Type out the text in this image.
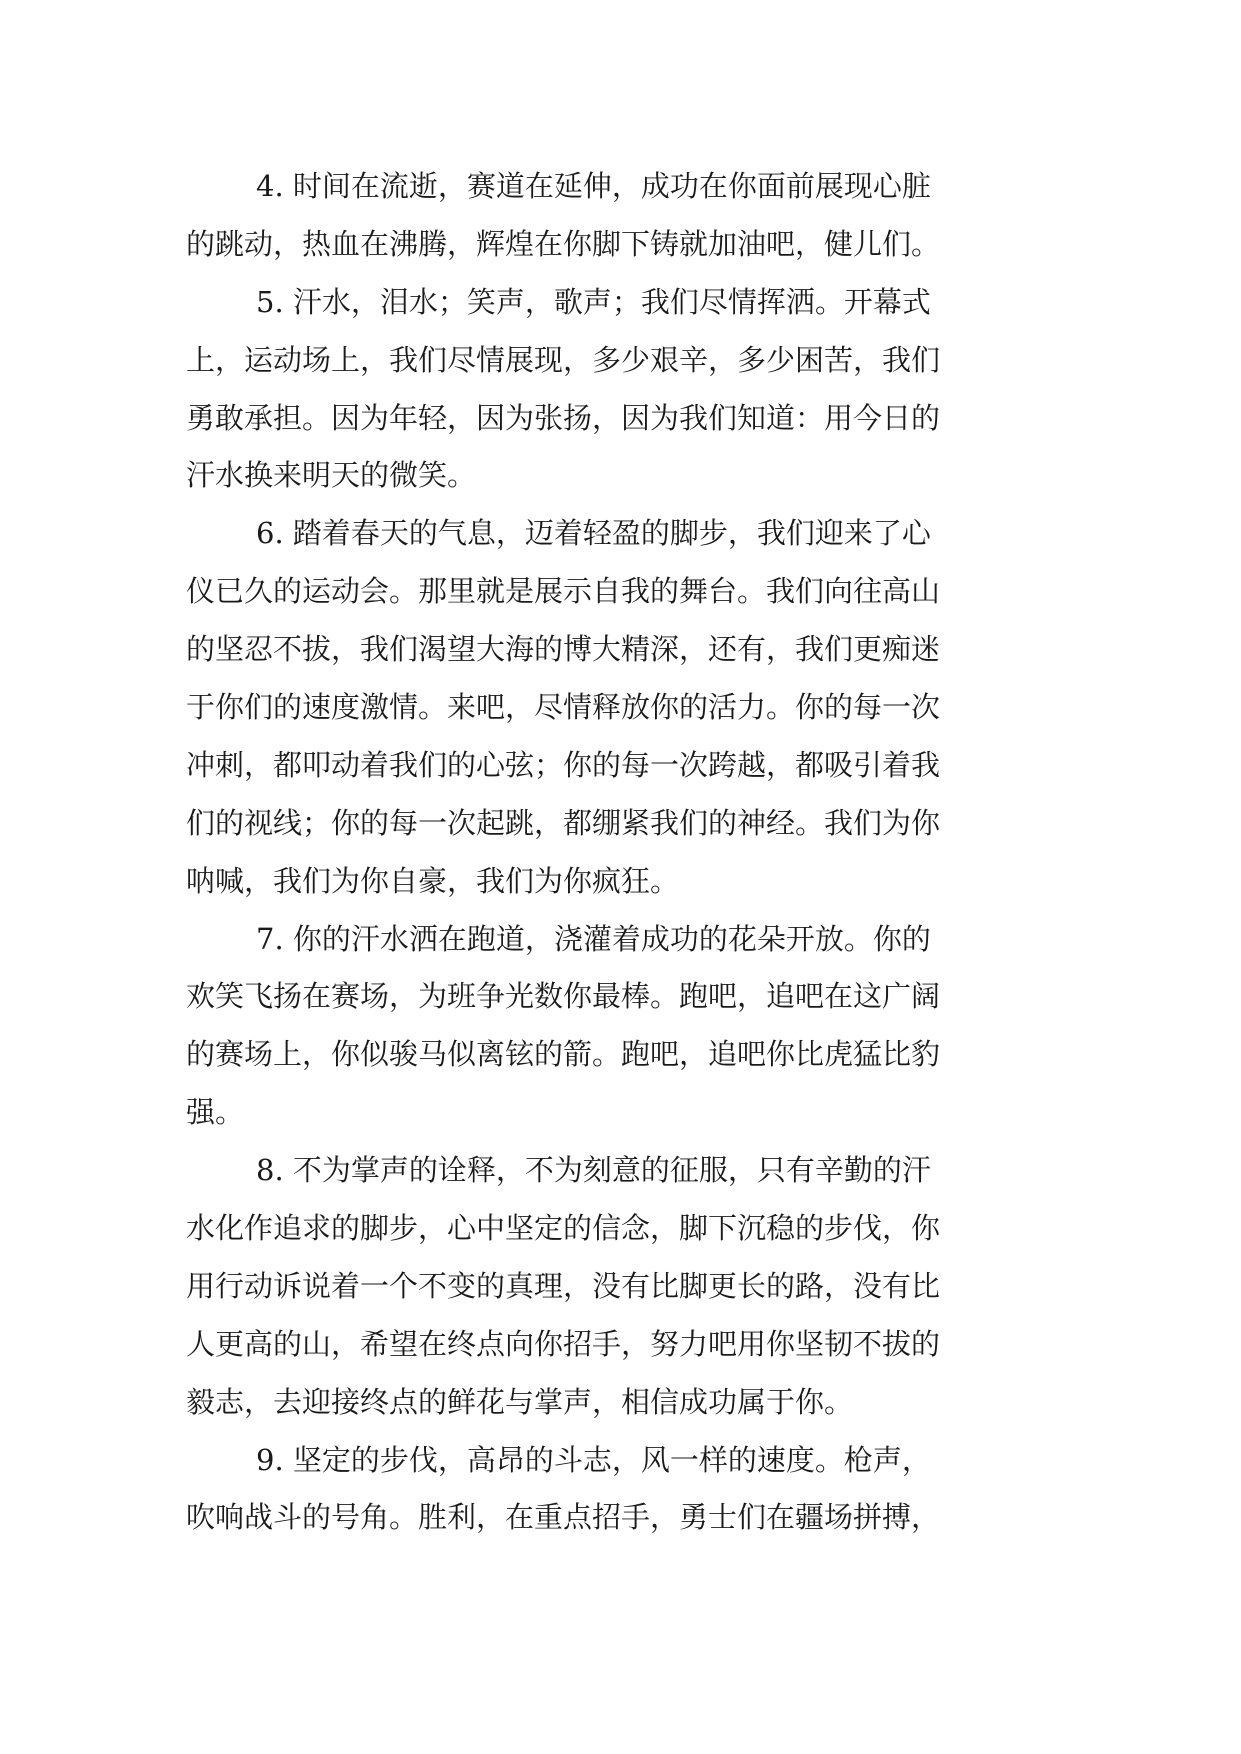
4. 时间在流逝，赛道在延伸，成功在你面前展现心脏
的跳动，热血在沸腾，辉煌在你脚下铸就加油吧，健儿们。
5. 汗水，泪水；笑声，歌声；我们尽情挥洒。开幕式
上，运动场上，我们尽情展现，多少艰辛，多少困苦，我们
勇敢承担。因为年轻，因为张扬，因为我们知道：用今日的
汗水换来明天的微笑。
6. 踏着春天的气息，迈着轻盈的脚步，我们迎来了心
仪已久的运动会。那里就是展示自我的舞台。我们向往高山
的坚忍不拔，我们渴望大海的博大精深，还有，我们更痴迷
于你们的速度激情。来吧，尽情释放你的活力。你的每一次
冲刺，都叩动着我们的心弦；你的每一次跨越，都吸引着我
们的视线；你的每一次起跳，都绷紧我们的神经。我们为你
呐喊，我们为你自豪，我们为你疯狂。
7. 你的汗水洒在跑道，浇灌着成功的花朵开放。你的
欢笑飞扬在赛场，为班争光数你最棒。跑吧，追吧在这广阔
的赛场上，你似骏马似离铉的箭。跑吧，追吧你比虎猛比豹
强。
8. 不为掌声的诠释，不为刻意的征服，只有辛勤的汗
水化作追求的脚步，心中坚定的信念，脚下沉稳的步伐，你
用行动诉说着一个不变的真理，没有比脚更长的路，没有比
人更高的山，希望在终点向你招手，努力吧用你坚韧不拔的
毅志，去迎接终点的鲜花与掌声，相信成功属于你。
9. 坚定的步伐，高昂的斗志，风一样的速度。枪声，
吹响战斗的号角。胜利，在重点招手，勇士们在疆场拼搏，
